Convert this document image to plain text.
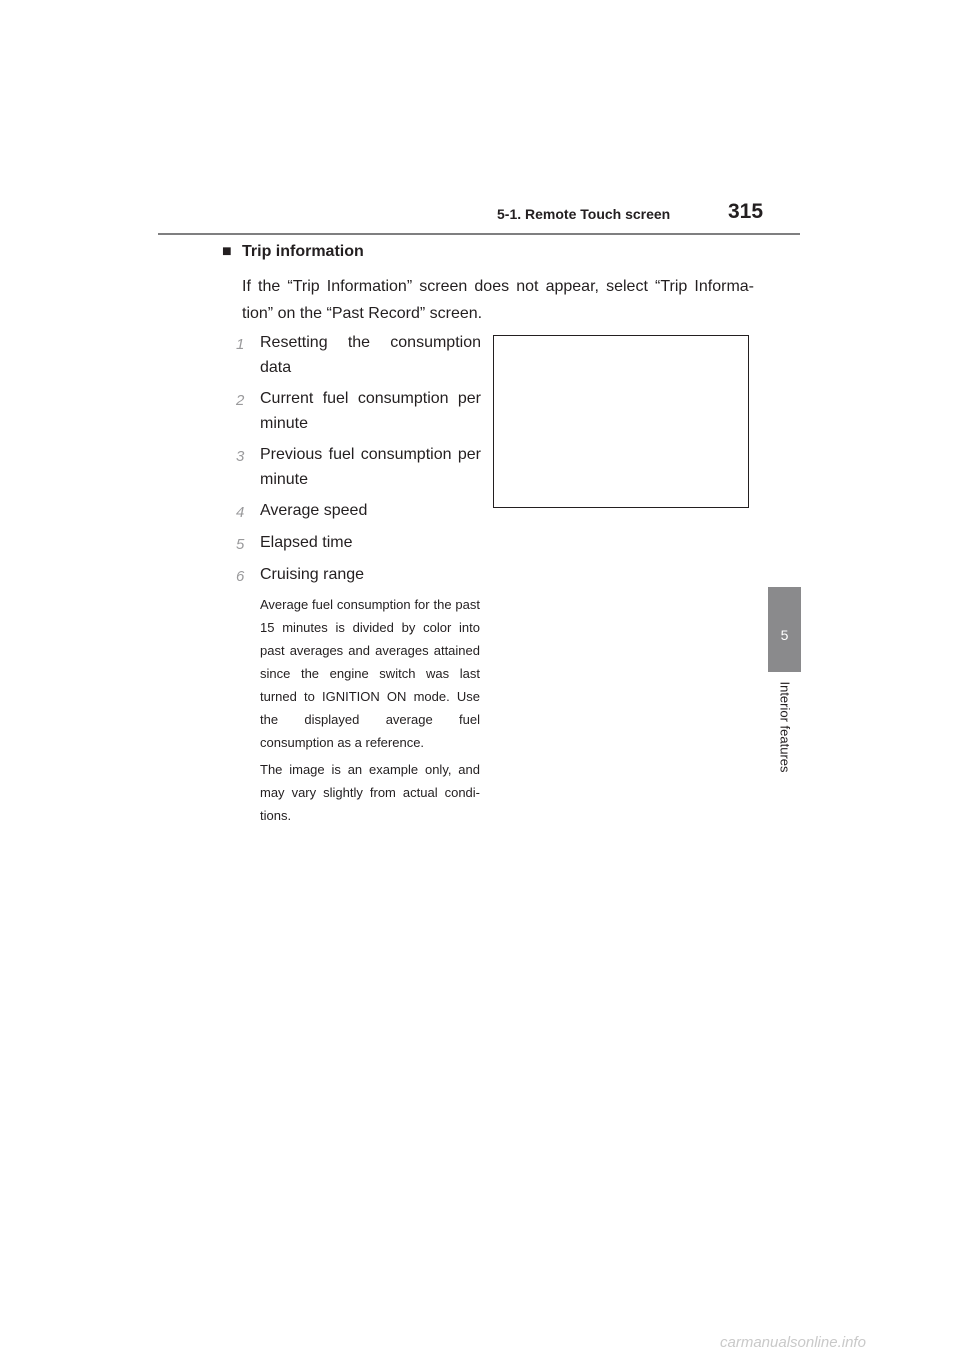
5-1. Remote Touch screen	315
5
Interior features
■ Trip information
If the “Trip Information” screen does not appear, select “Trip Informa-tion” on the “Past Record” screen.
1 Resetting the consumption data
2 Current fuel consumption per minute
3 Previous fuel consumption per minute
4 Average speed
5 Elapsed time
6 Cruising range
Average fuel consumption for the past 15 minutes is divided by color into past averages and averages attained since the engine switch was last turned to IGNITION ON mode. Use the displayed average fuel consumption as a reference.
The image is an example only, and may vary slightly from actual condi-tions.
carmanualsonline.info
